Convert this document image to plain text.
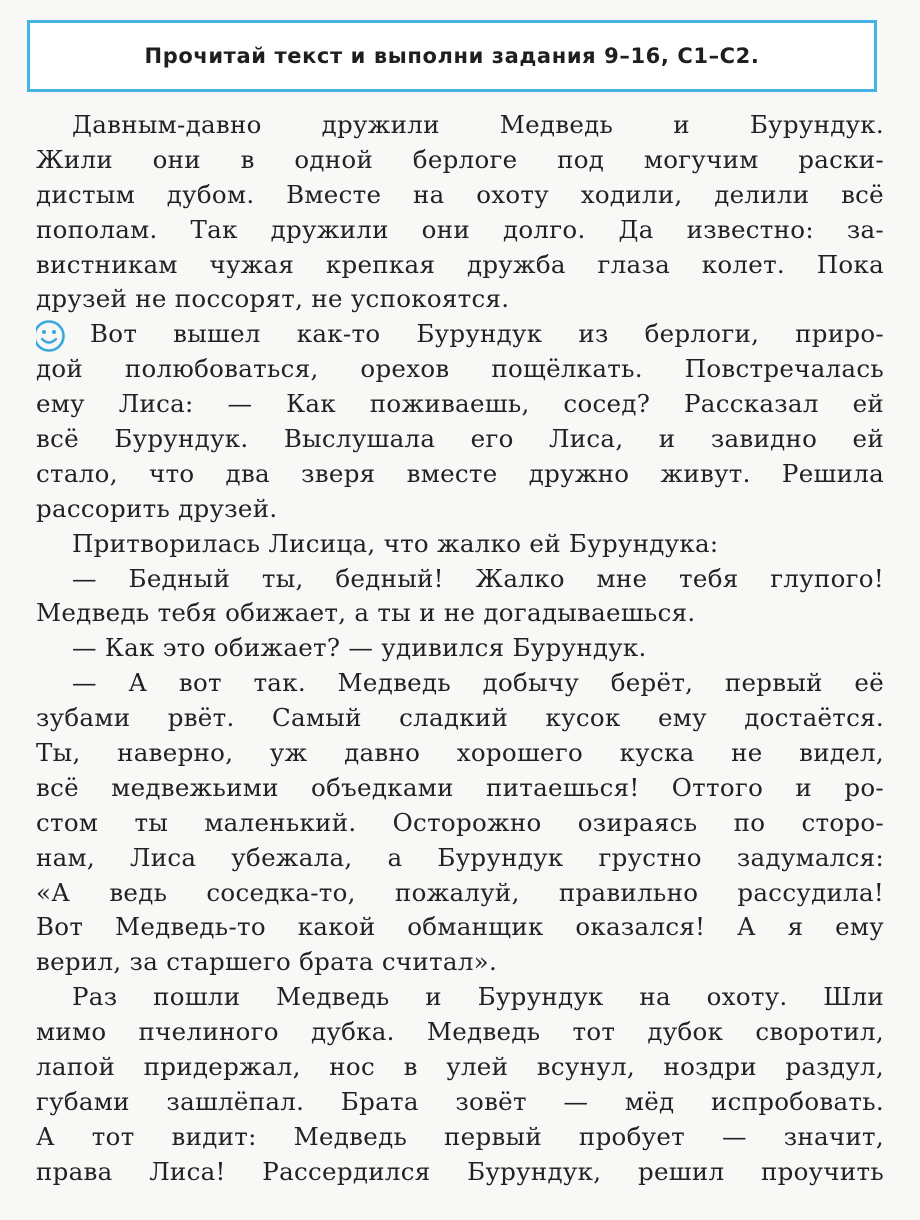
Прочитай текст и выполни задания 9–16, С1–С2.
Давным-давно дружили Медведь и Бурундук.
Жили они в одной берлоге под могучим раски-
дистым дубом. Вместе на охоту ходили, делили всё
пополам. Так дружили они долго. Да известно: за-
вистникам чужая крепкая дружба глаза колет. Пока
друзей не поссорят, не успокоятся.
Вот вышел как-то Бурундук из берлоги, приро-
дой полюбоваться, орехов пощёлкать. Повстречалась
ему Лиса: — Как поживаешь, сосед? Рассказал ей
всё Бурундук. Выслушала его Лиса, и завидно ей
стало, что два зверя вместе дружно живут. Решила
рассорить друзей.
Притворилась Лисица, что жалко ей Бурундука:
— Бедный ты, бедный! Жалко мне тебя глупого!
Медведь тебя обижает, а ты и не догадываешься.
— Как это обижает? — удивился Бурундук.
— А вот так. Медведь добычу берёт, первый её
зубами рвёт. Самый сладкий кусок ему достаётся.
Ты, наверно, уж давно хорошего куска не видел,
всё медвежьими объедками питаешься! Оттого и ро-
стом ты маленький. Осторожно озираясь по сторо-
нам, Лиса убежала, а Бурундук грустно задумался:
«А ведь соседка-то, пожалуй, правильно рассудила!
Вот Медведь-то какой обманщик оказался! А я ему
верил, за старшего брата считал».
Раз пошли Медведь и Бурундук на охоту. Шли
мимо пчелиного дубка. Медведь тот дубок своротил,
лапой придержал, нос в улей всунул, ноздри раздул,
губами зашлёпал. Брата зовёт — мёд испробовать.
А тот видит: Медведь первый пробует — значит,
права Лиса! Рассердился Бурундук, решил проучить
